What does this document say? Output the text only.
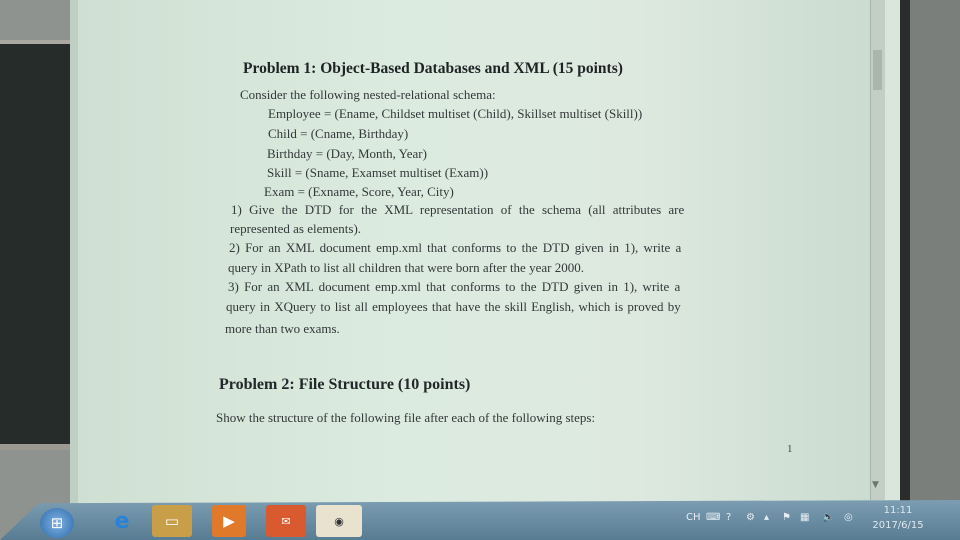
▼
Problem 1: Object-Based Databases and XML (15 points)
Consider the following nested-relational schema:
Employee = (Ename, Childset multiset (Child), Skillset multiset (Skill))
Child = (Cname, Birthday)
Birthday = (Day, Month, Year)
Skill = (Sname, Examset multiset (Exam))
Exam = (Exname, Score, Year, City)
1) Give the DTD for the XML representation of the schema (all attributes are
represented as elements).
2) For an XML document emp.xml that conforms to the DTD given in 1), write a
query in XPath to list all children that were born after the year 2000.
3) For an XML document emp.xml that conforms to the DTD given in 1), write a
query in XQuery to list all employees that have the skill English, which is proved by
more than two exams.
Problem 2: File Structure (10 points)
Show the structure of the following file after each of the following steps:
1
⊞ e ▭	▶	✉	◉	CH ⌨ ? ⚙ ▴ ⚑ ▦ 🔈 ◎
11:11
2017/6/15
